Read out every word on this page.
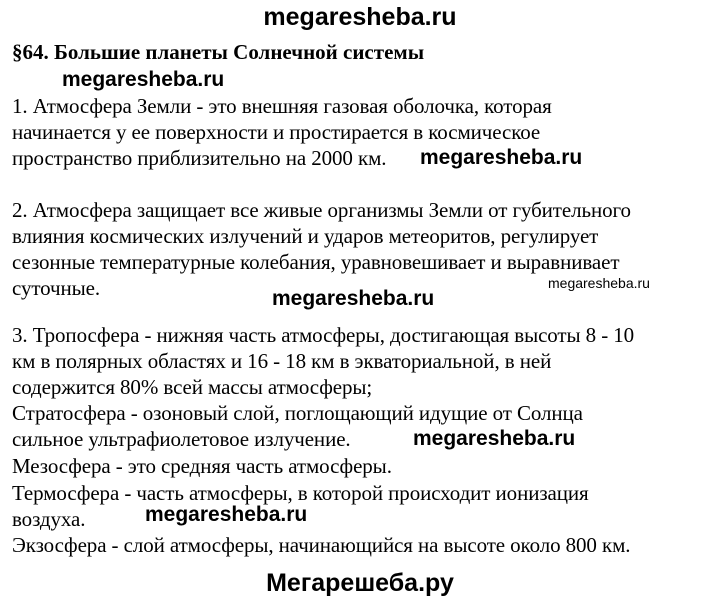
megaresheba.ru
§64. Большие планеты Солнечной системы
megaresheba.ru
1. Атмосфера Земли - это внешняя газовая оболочка, которая
начинается у ее поверхности и простирается в космическое
пространство приблизительно на 2000 км. megaresheba.ru
2. Атмосфера защищает все живые организмы Земли от губительного
влияния космических излучений и ударов метеоритов, регулирует
сезонные температурные колебания, уравновешивает и выравнивает
суточные.	megaresheba.ru
megaresheba.ru
3. Тропосфера - нижняя часть атмосферы, достигающая высоты 8 - 10
км в полярных областях и 16 - 18 км в экваториальной, в ней
содержится 80% всей массы атмосферы;
Стратосфера - озоновый слой, поглощающий идущие от Солнца
сильное ультрафиолетовое излучение.
Мезосфера - это средняя часть атмосферы.
Термосфера - часть атмосферы, в которой происходит ионизация
воздуха.
Экзосфера - слой атмосферы, начинающийся на высоте около 800 км.
megaresheba.ru
megaresheba.ru
Мегарешеба.ру
